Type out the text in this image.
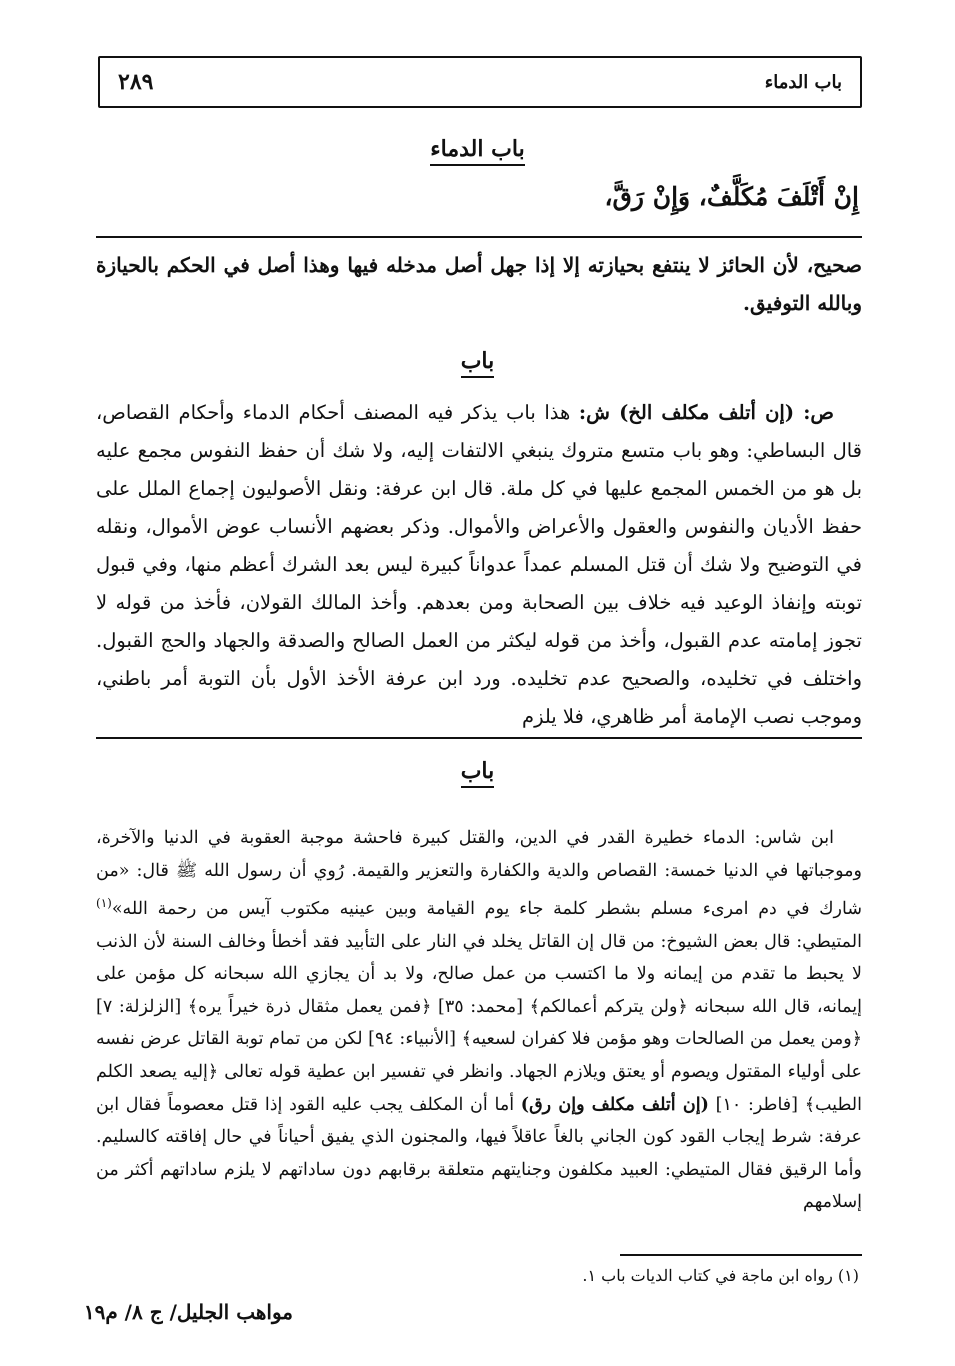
باب الدماء
٢٨٩
باب الدماء
إِنْ أَتْلَفَ مُكَلَّفٌ، وَإِنْ رَقَّ،

صحيح، لأن الحائز لا ينتفع بحيازته إلا إذا جهل أصل مدخله فيها وهذا أصل في الحكم بالحيازة وبالله التوفيق.

باب

ص: (إن أتلف مكلف الخ) ش: هذا باب يذكر فيه المصنف أحكام الدماء وأحكام القصاص، قال البساطي: وهو باب متسع متروك ينبغي الالتفات إليه، ولا شك أن حفظ النفوس مجمع عليه بل هو من الخمس المجمع عليها في كل ملة. قال ابن عرفة: ونقل الأصوليون إجماع الملل على حفظ الأديان والنفوس والعقول والأعراض والأموال. وذكر بعضهم الأنساب عوض الأموال، ونقله في التوضيح ولا شك أن قتل المسلم عمداً عدواناً كبيرة ليس بعد الشرك أعظم منها، وفي قبول توبته وإنفاذ الوعيد فيه خلاف بين الصحابة ومن بعدهم. وأخذ المالك القولان، فأخذ من قوله لا تجوز إمامته عدم القبول، وأخذ من قوله ليكثر من العمل الصالح والصدقة والجهاد والحج القبول. واختلف في تخليده، والصحيح عدم تخليده. ورد ابن عرفة الأخذ الأول بأن التوبة أمر باطني، وموجب نصب الإمامة أمر ظاهري، فلا يلزم

باب

ابن شاس: الدماء خطيرة القدر في الدين، والقتل كبيرة فاحشة موجبة العقوبة في الدنيا والآخرة، وموجباتها في الدنيا خمسة: القصاص والدية والكفارة والتعزير والقيمة. رُوي أن رسول الله ﷺ قال: «من شارك في دم امرىء مسلم بشطر كلمة جاء يوم القيامة وبين عينيه مكتوب آيس من رحمة الله»$^{(١)}$ المتيطي: قال بعض الشيوخ: من قال إن القاتل يخلد في النار على التأبيد فقد أخطأ وخالف السنة لأن الذنب لا يحبط ما تقدم من إيمانه ولا ما اكتسب من عمل صالح، ولا بد أن يجازي الله سبحانه كل مؤمن على إيمانه، قال الله سبحانه ﴿ولن يتركم أعمالكم﴾ [محمد: ٣٥] ﴿فمن يعمل مثقال ذرة خيراً يره﴾ [الزلزلة: ٧] ﴿ومن يعمل من الصالحات وهو مؤمن فلا كفران لسعيه﴾ [الأنبياء: ٩٤] لكن من تمام توبة القاتل عرض نفسه على أولياء المقتول ويصوم أو يعتق ويلازم الجهاد. وانظر في تفسير ابن عطية قوله تعالى ﴿إليه يصعد الكلم الطيب﴾ [فاطر: ١٠] (إن أتلف مكلف وإن رق) أما أن المكلف يجب عليه القود إذا قتل معصوماً فقال ابن عرفة: شرط إيجاب القود كون الجاني بالغاً عاقلاً فيها، والمجنون الذي يفيق أحياناً في حال إفاقته كالسليم. وأما الرقيق فقال المتيطي: العبيد مكلفون وجنايتهم متعلقة برقابهم دون ساداتهم لا يلزم ساداتهم أكثر من إسلامهم

(١) رواه ابن ماجة في كتاب الديات باب ١.
مواهب الجليل/ ج ٨/ م١٩
